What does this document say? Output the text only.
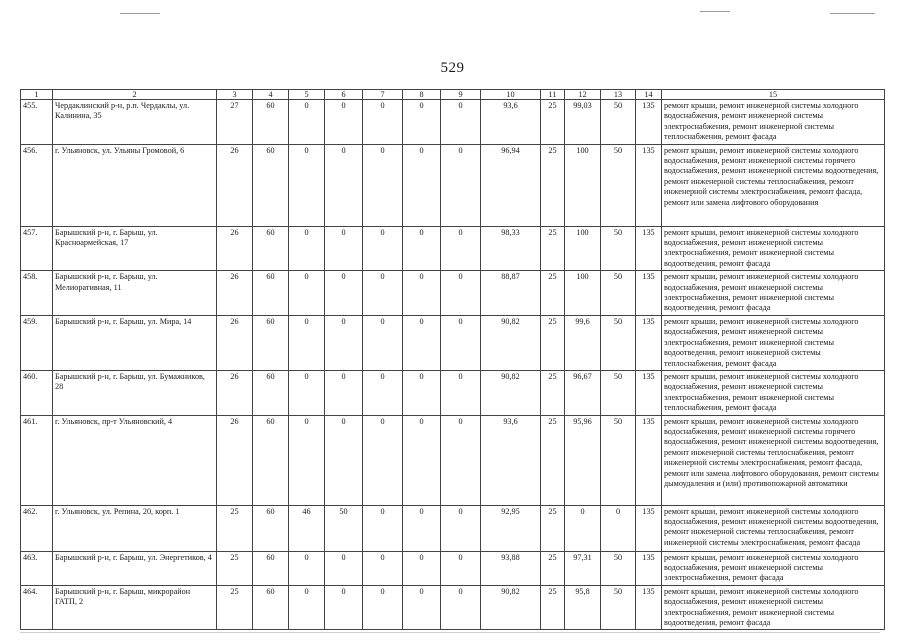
529
1	2	3	4	5	6	7	8	9	10	11	12	13	14	15
455.	Чердаклинский р-н, р.п. Чердаклы, ул. Калинина, 35	27	60	0	0	0	0	0	93,6	25	99,03	50	135	ремонт крыши, ремонт инженерной системы холодного водоснабжения, ремонт инженерной системы электроснабжения, ремонт инженерной системы теплоснабжения, ремонт фасада
456.	г. Ульяновск, ул. Ульяны Громовой, 6	26	60	0	0	0	0	0	96,94	25	100	50	135	ремонт крыши, ремонт инженерной системы холодного водоснабжения, ремонт инженерной системы горячего водоснабжения, ремонт инженерной системы водоотведения, ремонт инженерной системы теплоснабжения, ремонт инженерной системы электроснабжения, ремонт фасада, ремонт или замена лифтового оборудования
457.	Барышский р-н, г. Барыш, ул. Красноармейская, 17	26	60	0	0	0	0	0	98,33	25	100	50	135	ремонт крыши, ремонт инженерной системы холодного водоснабжения, ремонт инженерной системы электроснабжения, ремонт инженерной системы водоотведения, ремонт фасада
458.	Барышский р-н, г. Барыш, ул. Мелиоративная, 11	26	60	0	0	0	0	0	88,87	25	100	50	135	ремонт крыши, ремонт инженерной системы холодного водоснабжения, ремонт инженерной системы электроснабжения, ремонт инженерной системы водоотведения, ремонт фасада
459.	Барышский р-н, г. Барыш, ул. Мира, 14	26	60	0	0	0	0	0	90,82	25	99,6	50	135	ремонт крыши, ремонт инженерной системы холодного водоснабжения, ремонт инженерной системы электроснабжения, ремонт инженерной системы водоотведения, ремонт инженерной системы теплоснабжения, ремонт фасада
460.	Барышский р-н, г. Барыш, ул. Бумажников, 28	26	60	0	0	0	0	0	90,82	25	96,67	50	135	ремонт крыши, ремонт инженерной системы холодного водоснабжения, ремонт инженерной системы электроснабжения, ремонт инженерной системы теплоснабжения, ремонт фасада
461.	г. Ульяновск, пр-т Ульяновский, 4	26	60	0	0	0	0	0	93,6	25	95,96	50	135	ремонт крыши, ремонт инженерной системы холодного водоснабжения, ремонт инженерной системы горячего водоснабжения, ремонт инженерной системы водоотведения, ремонт инженерной системы теплоснабжения, ремонт инженерной системы электроснабжения, ремонт фасада, ремонт или замена лифтового оборудования, ремонт системы дымоудаления и (или) противопожарной автоматики
462.	г. Ульяновск, ул. Репина, 20, корп. 1	25	60	46	50	0	0	0	92,95	25	0	0	135	ремонт крыши, ремонт инженерной системы холодного водоснабжения, ремонт инженерной системы водоотведения, ремонт инженерной системы теплоснабжения, ремонт инженерной системы электроснабжения, ремонт фасада
463.	Барышский р-н, г. Барыш, ул. Энергетиков, 4	25	60	0	0	0	0	0	93,88	25	97,31	50	135	ремонт крыши, ремонт инженерной системы холодного водоснабжения, ремонт инженерной системы электроснабжения, ремонт фасада
464.	Барышский р-н, г. Барыш, микрорайон ГАТП, 2	25	60	0	0	0	0	0	90,82	25	95,8	50	135	ремонт крыши, ремонт инженерной системы холодного водоснабжения, ремонт инженерной системы электроснабжения, ремонт инженерной системы водоотведения, ремонт фасада
